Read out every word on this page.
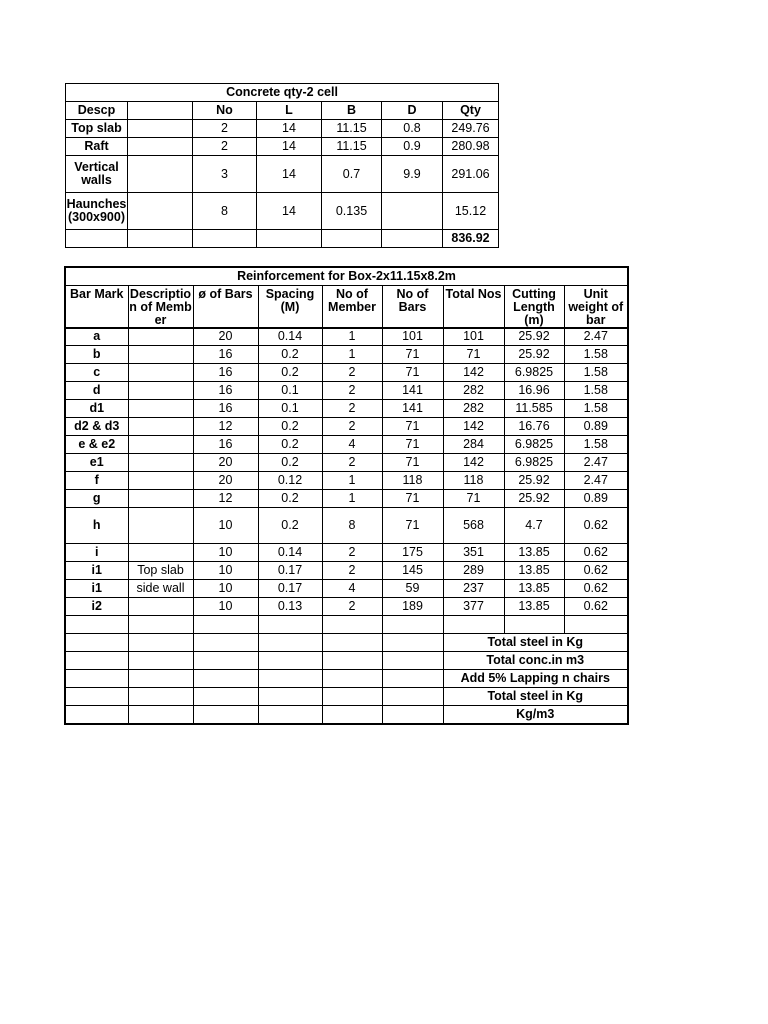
Concrete qty-2 cell						
Descp		No	L	B	D	Qty
Top slab		2	14	11.15	0.8	249.76
Raft		2	14	11.15	0.9	280.98
Vertical walls		3	14	0.7	9.9	291.06
Haunches (300x900)		8	14	0.135		15.12
						836.92
Reinforcement for Box-2x11.15x8.2m								
Bar Mark	Description of Member	ø of Bars	Spacing (M)	No of Member	No of Bars	Total Nos	Cutting Length (m)	Unit weight of bar
a		20	0.14	1	101	101	25.92	2.47
b		16	0.2	1	71	71	25.92	1.58
c		16	0.2	2	71	142	6.9825	1.58
d		16	0.1	2	141	282	16.96	1.58
d1		16	0.1	2	141	282	11.585	1.58
d2 & d3		12	0.2	2	71	142	16.76	0.89
e & e2		16	0.2	4	71	284	6.9825	1.58
e1		20	0.2	2	71	142	6.9825	2.47
f		20	0.12	1	118	118	25.92	2.47
g		12	0.2	1	71	71	25.92	0.89
h		10	0.2	8	71	568	4.7	0.62
i		10	0.14	2	175	351	13.85	0.62
i1	Top slab	10	0.17	2	145	289	13.85	0.62
i1	side wall	10	0.17	4	59	237	13.85	0.62
i2		10	0.13	2	189	377	13.85	0.62

						Total steel in Kg		
						Total conc.in m3		
						Add 5% Lapping n chairs		
						Total steel in Kg		
						Kg/m3		
